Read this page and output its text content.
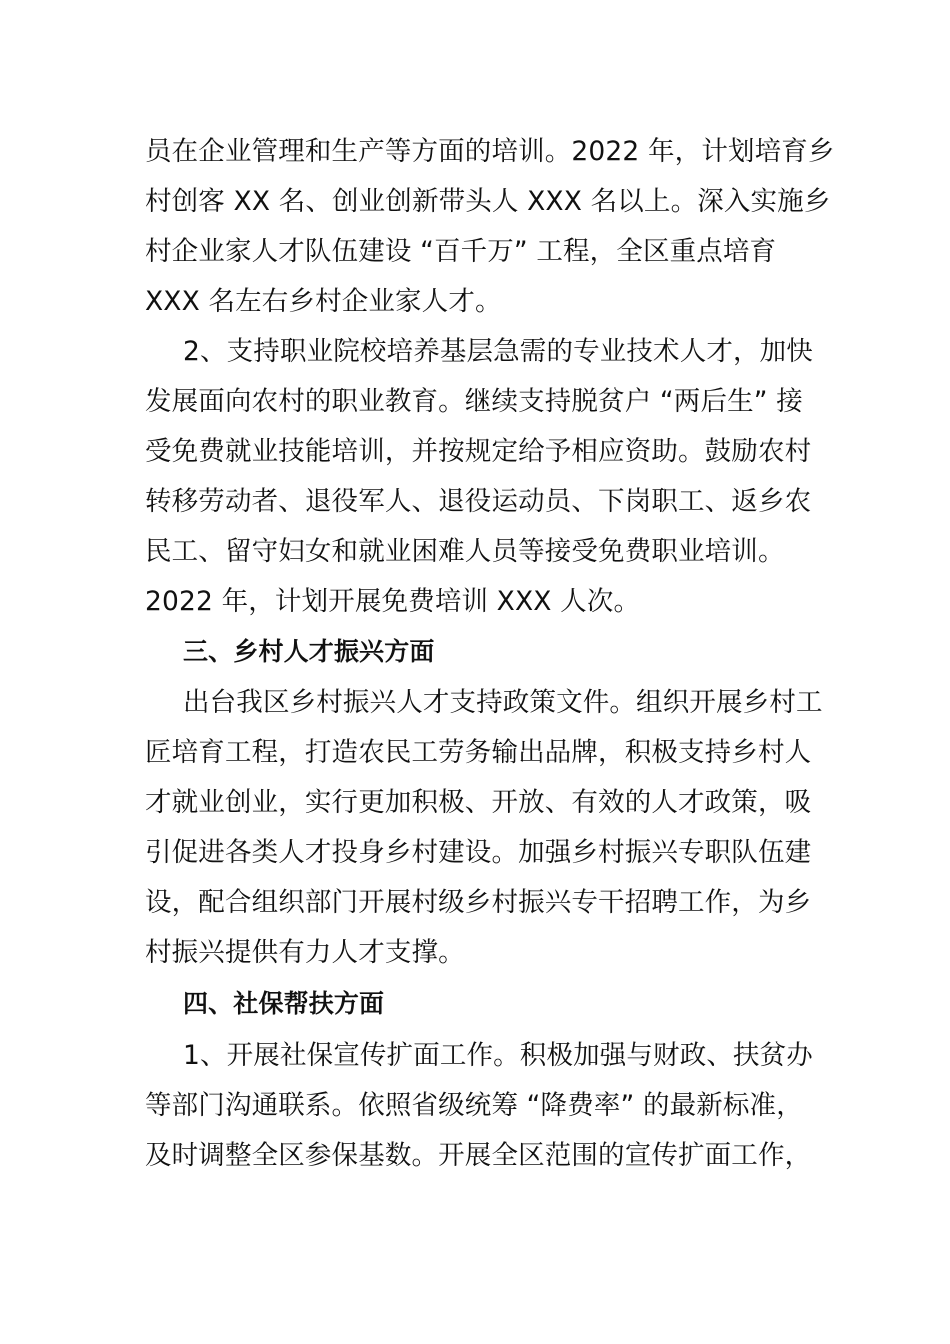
员在企业管理和生产等方面的培训。2022 年，计划培育乡
村创客 XX 名、创业创新带头人 XXX 名以上。深入实施乡
村企业家人才队伍建设 “百千万” 工程，全区重点培育
XXX 名左右乡村企业家人才。
2、支持职业院校培养基层急需的专业技术人才，加快
发展面向农村的职业教育。继续支持脱贫户 “两后生” 接
受免费就业技能培训，并按规定给予相应资助。鼓励农村
转移劳动者、退役军人、退役运动员、下岗职工、返乡农
民工、留守妇女和就业困难人员等接受免费职业培训。
2022 年，计划开展免费培训 XXX 人次。
三、乡村人才振兴方面
出台我区乡村振兴人才支持政策文件。组织开展乡村工
匠培育工程，打造农民工劳务输出品牌，积极支持乡村人
才就业创业，实行更加积极、开放、有效的人才政策，吸
引促进各类人才投身乡村建设。加强乡村振兴专职队伍建
设，配合组织部门开展村级乡村振兴专干招聘工作，为乡
村振兴提供有力人才支撑。
四、社保帮扶方面
1、开展社保宣传扩面工作。积极加强与财政、扶贫办
等部门沟通联系。依照省级统筹 “降费率” 的最新标准，
及时调整全区参保基数。开展全区范围的宣传扩面工作，
